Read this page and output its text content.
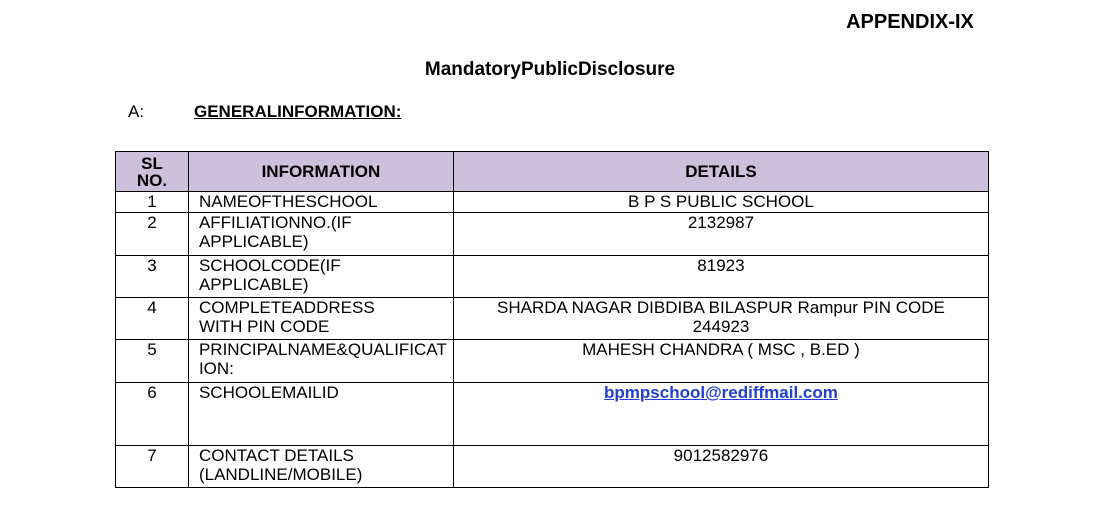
APPENDIX-IX
MandatoryPublicDisclosure
A:	GENERALINFORMATION:
SL NO.	INFORMATION	DETAILS
1	NAMEOFTHESCHOOL	B P S PUBLIC SCHOOL
2	AFFILIATIONNO.(IF APPLICABLE)	2132987
3	SCHOOLCODE(IF APPLICABLE)	81923
4	COMPLETEADDRESS WITH PIN CODE	SHARDA NAGAR DIBDIBA BILASPUR Rampur PIN CODE 244923
5	PRINCIPALNAME&QUALIFICATION:	MAHESH CHANDRA ( MSC , B.ED )
6	SCHOOLEMAILID	bpmpschool@rediffmail.com
7	CONTACT DETAILS (LANDLINE/MOBILE)	9012582976
